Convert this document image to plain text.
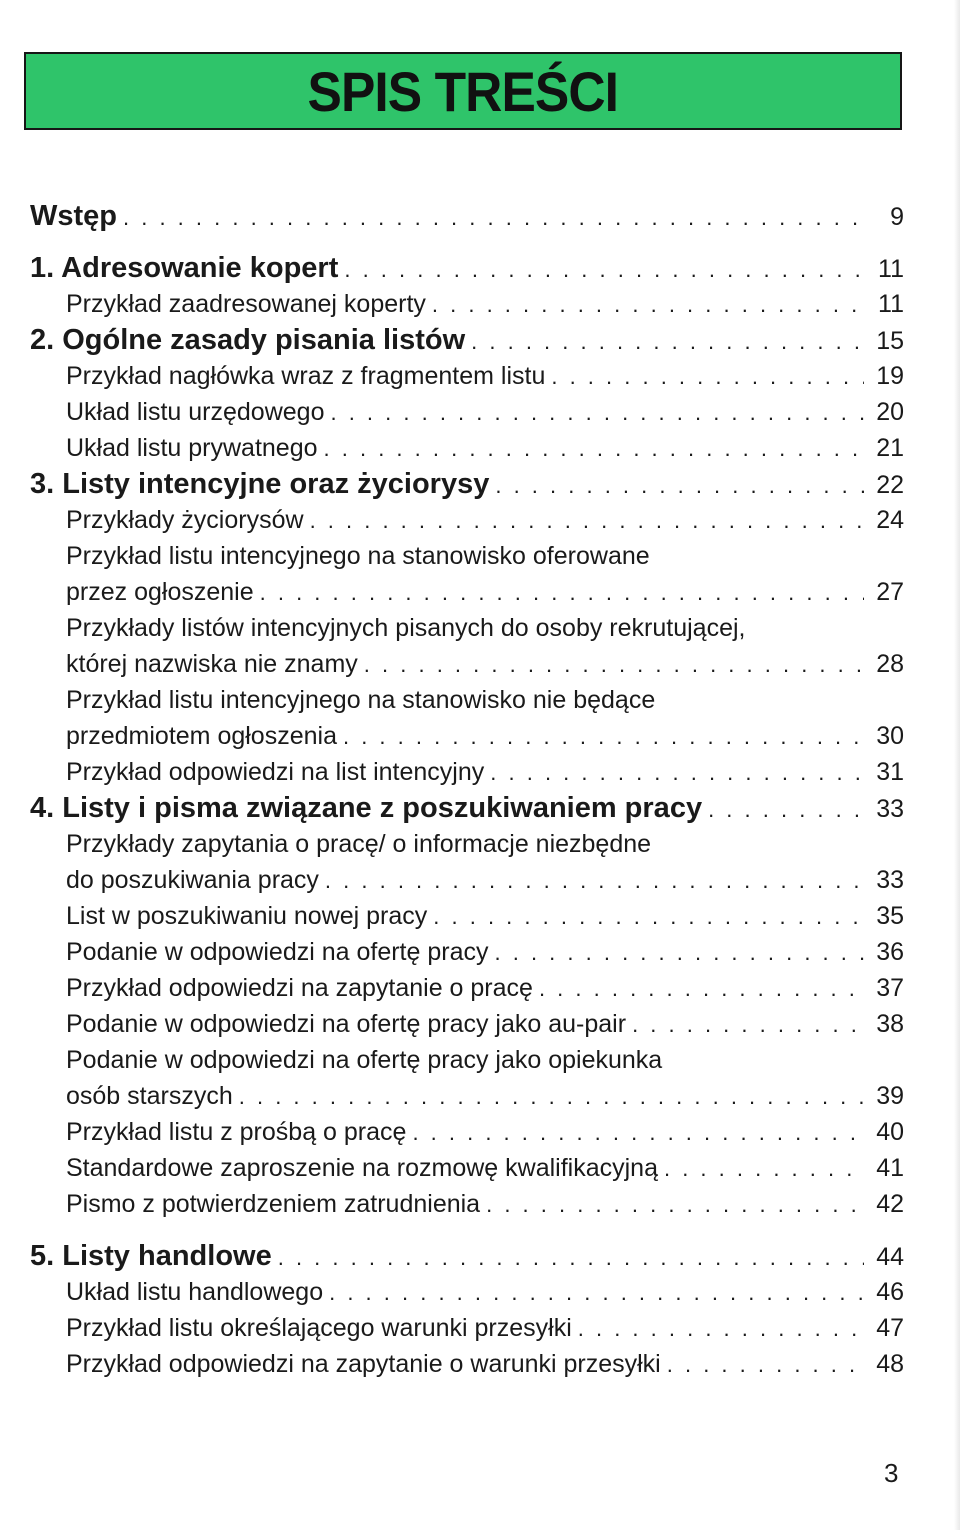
SPIS TREŚCI
Wstęp . . .	9
1. Adresowanie kopert . . .	11
Przykład zaadresowanej koperty . . .	11
2. Ogólne zasady pisania listów . . .	15
Przykład nagłówka wraz z fragmentem listu . . .	19
Układ listu urzędowego . . .	20
Układ listu prywatnego . . .	21
3. Listy intencyjne oraz życiorysy . . .	22
Przykłady życiorysów . . .	24
Przykład listu intencyjnego na stanowisko oferowane
przez ogłoszenie . . .	27
Przykłady listów intencyjnych pisanych do osoby rekrutującej,
której nazwiska nie znamy . . .	28
Przykład listu intencyjnego na stanowisko nie będące
przedmiotem ogłoszenia . . .	30
Przykład odpowiedzi na list intencyjny . . .	31
4. Listy i pisma związane z poszukiwaniem pracy . . .	33
Przykłady zapytania o pracę/ o informacje niezbędne
do poszukiwania pracy . . .	33
List w poszukiwaniu nowej pracy . . .	35
Podanie w odpowiedzi na ofertę pracy . . .	36
Przykład odpowiedzi na zapytanie o pracę . . .	37
Podanie w odpowiedzi na ofertę pracy jako au-pair . . .	38
Podanie w odpowiedzi na ofertę pracy jako opiekunka
osób starszych . . .	39
Przykład listu z prośbą o pracę . . .	40
Standardowe zaproszenie na rozmowę kwalifikacyjną . . .	41
Pismo z potwierdzeniem zatrudnienia . . .	42
5. Listy handlowe . . .	44
Układ listu handlowego . . .	46
Przykład listu określającego warunki przesyłki . . .	47
Przykład odpowiedzi na zapytanie o warunki przesyłki . . .	48
3
